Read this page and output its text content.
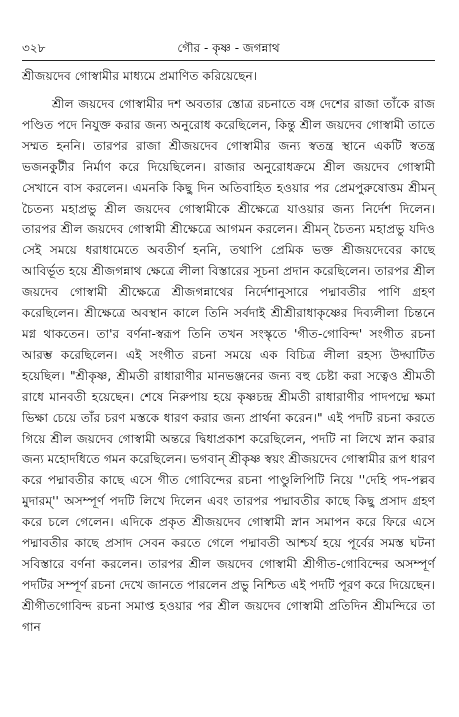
৩২৮	গৌর - কৃষ্ণ - জগন্নাথ

শ্রীজয়দেব গোস্বামীর মাধ্যমে প্রমাণিত করিয়েছেন।

শ্রীল জয়দেব গোস্বামীর দশ অবতার স্তোত্র রচনাতে বঙ্গ দেশের রাজা তাঁকে রাজ পণ্ডিত পদে নিযুক্ত করার জন্য অনুরোধ করেছিলেন, কিন্তু শ্রীল জয়দেব গোস্বামী তাতে সম্মত হননি। তারপর রাজা শ্রীজয়দেব গোস্বামীর জন্য স্বতন্ত্র স্থানে একটি স্বতন্ত্র ভজনকুটীর নির্মাণ করে দিয়েছিলেন। রাজার অনুরোধক্রমে শ্রীল জয়দেব গোস্বামী সেখানে বাস করলেন। এমনকি কিছু দিন অতিবাহিত হওয়ার পর প্রেমপুরুষোত্তম শ্রীমন্ চৈতন্য মহাপ্রভু শ্রীল জয়দেব গোস্বামীকে শ্রীক্ষেত্রে যাওয়ার জন্য নির্দেশ দিলেন। তারপর শ্রীল জয়দেব গোস্বামী শ্রীক্ষেত্রে আগমন করলেন। শ্রীমন্ চৈতন্য মহাপ্রভু যদিও সেই সময়ে ধরাধামেতে অবতীর্ণ হননি, তথাপি প্রেমিক ভক্ত শ্রীজয়দেবের কাছে আবির্ভূত হয়ে শ্রীজগন্নাথ ক্ষেত্রে লীলা বিস্তারের সূচনা প্রদান করেছিলেন। তারপর শ্রীল জয়দেব গোস্বামী শ্রীক্ষেত্রে শ্রীজগন্নাথের নির্দেশানুসারে পদ্মাবতীর পাণি গ্রহণ করেছিলেন। শ্রীক্ষেত্রে অবস্থান কালে তিনি সর্বদাই শ্রীশ্রীরাধাকৃষ্ণের দিব্যলীলা চিন্তনে মগ্ন থাকতেন। তা'র বর্ণনা-স্বরূপ তিনি তখন সংস্কৃতে 'গীত-গোবিন্দ' সংগীত রচনা আরম্ভ করেছিলেন। এই সংগীত রচনা সময়ে এক বিচিত্র লীলা রহস্য উদ্ঘাটিত হয়েছিল। "শ্রীকৃষ্ণ, শ্রীমতী রাধারাণীর মানভঞ্জনের জন্য বহু চেষ্টা করা সত্বেও শ্রীমতী রাধে মানবতী হয়েছেন। শেষে নিরুপায় হয়ে কৃষ্ণচন্দ্র শ্রীমতী রাধারাণীর পাদপদ্মে ক্ষমা ভিক্ষা চেয়ে তাঁর চরণ মস্তকে ধারণ করার জন্য প্রার্থনা করেন।" এই পদটি রচনা করতে গিয়ে শ্রীল জয়দেব গোস্বামী অন্তরে দ্বিধাপ্রকাশ করেছিলেন, পদটি না লিখে স্নান করার জন্য মহোদধিতে গমন করেছিলেন। ভগবান্ শ্রীকৃষ্ণ স্বয়ং শ্রীজয়দেব গোস্বামীর রূপ ধারণ করে পদ্মাবতীর কাছে এসে গীত গোবিন্দের রচনা পাণ্ডুলিপিটি নিয়ে ''দেহি পদ-পল্লব মুদারম্'' অসম্পূর্ণ পদটি লিখে দিলেন এবং তারপর পদ্মাবতীর কাছে কিছু প্রসাদ গ্রহণ করে চলে গেলেন। এদিকে প্রকৃত শ্রীজয়দেব গোস্বামী স্নান সমাপন করে ফিরে এসে পদ্মাবতীর কাছে প্রসাদ সেবন করতে গেলে পদ্মাবতী আশ্চর্য হয়ে পূর্বের সমস্ত ঘটনা সবিস্তারে বর্ণনা করলেন। তারপর শ্রীল জয়দেব গোস্বামী শ্রীগীত-গোবিন্দের অসম্পূর্ণ পদটির সম্পূর্ণ রচনা দেখে জানতে পারলেন প্রভু নিশ্চিত এই পদটি পূরণ করে দিয়েছেন। শ্রীগীতগোবিন্দ রচনা সমাপ্ত হওয়ার পর শ্রীল জয়দেব গোস্বামী প্রতিদিন শ্রীমন্দিরে তা গান
